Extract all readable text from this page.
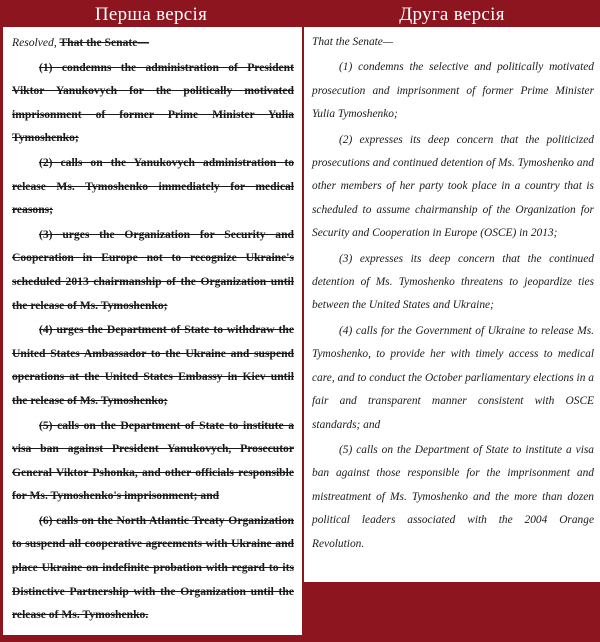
Перша версія	Друга версія

Resolved, That the Senate—

(1) condemns the administration of President Viktor Yanukovych for the politically motivated imprisonment of former Prime Minister Yulia Tymoshenko;

(2) calls on the Yanukovych administration to release Ms. Tymoshenko immediately for medical reasons;

(3) urges the Organization for Security and Cooperation in Europe not to recognize Ukraine's scheduled 2013 chairmanship of the Organization until the release of Ms. Tymoshenko;

(4) urges the Department of State to withdraw the United States Ambassador to the Ukraine and suspend operations at the United States Embassy in Kiev until the release of Ms. Tymoshenko;

(5) calls on the Department of State to institute a visa ban against President Yanukovych, Prosecutor General Viktor Pshonka, and other officials responsible for Ms. Tymoshenko's imprisonment; and

(6) calls on the North Atlantic Treaty Organization to suspend all cooperative agreements with Ukraine and place Ukraine on indefinite probation with regard to its Distinctive Partnership with the Organization until the release of Ms. Tymoshenko.

That the Senate—

(1) condemns the selective and politically motivated prosecution and imprisonment of former Prime Minister Yulia Tymoshenko;

(2) expresses its deep concern that the politicized prosecutions and continued detention of Ms. Tymoshenko and other members of her party took place in a country that is scheduled to assume chairmanship of the Organization for Security and Cooperation in Europe (OSCE) in 2013;

(3) expresses its deep concern that the continued detention of Ms. Tymoshenko threatens to jeopardize ties between the United States and Ukraine;

(4) calls for the Government of Ukraine to release Ms. Tymoshenko, to provide her with timely access to medical care, and to conduct the October parliamentary elections in a fair and transparent manner consistent with OSCE standards; and

(5) calls on the Department of State to institute a visa ban against those responsible for the imprisonment and mistreatment of Ms. Tymoshenko and the more than dozen political leaders associated with the 2004 Orange Revolution.
